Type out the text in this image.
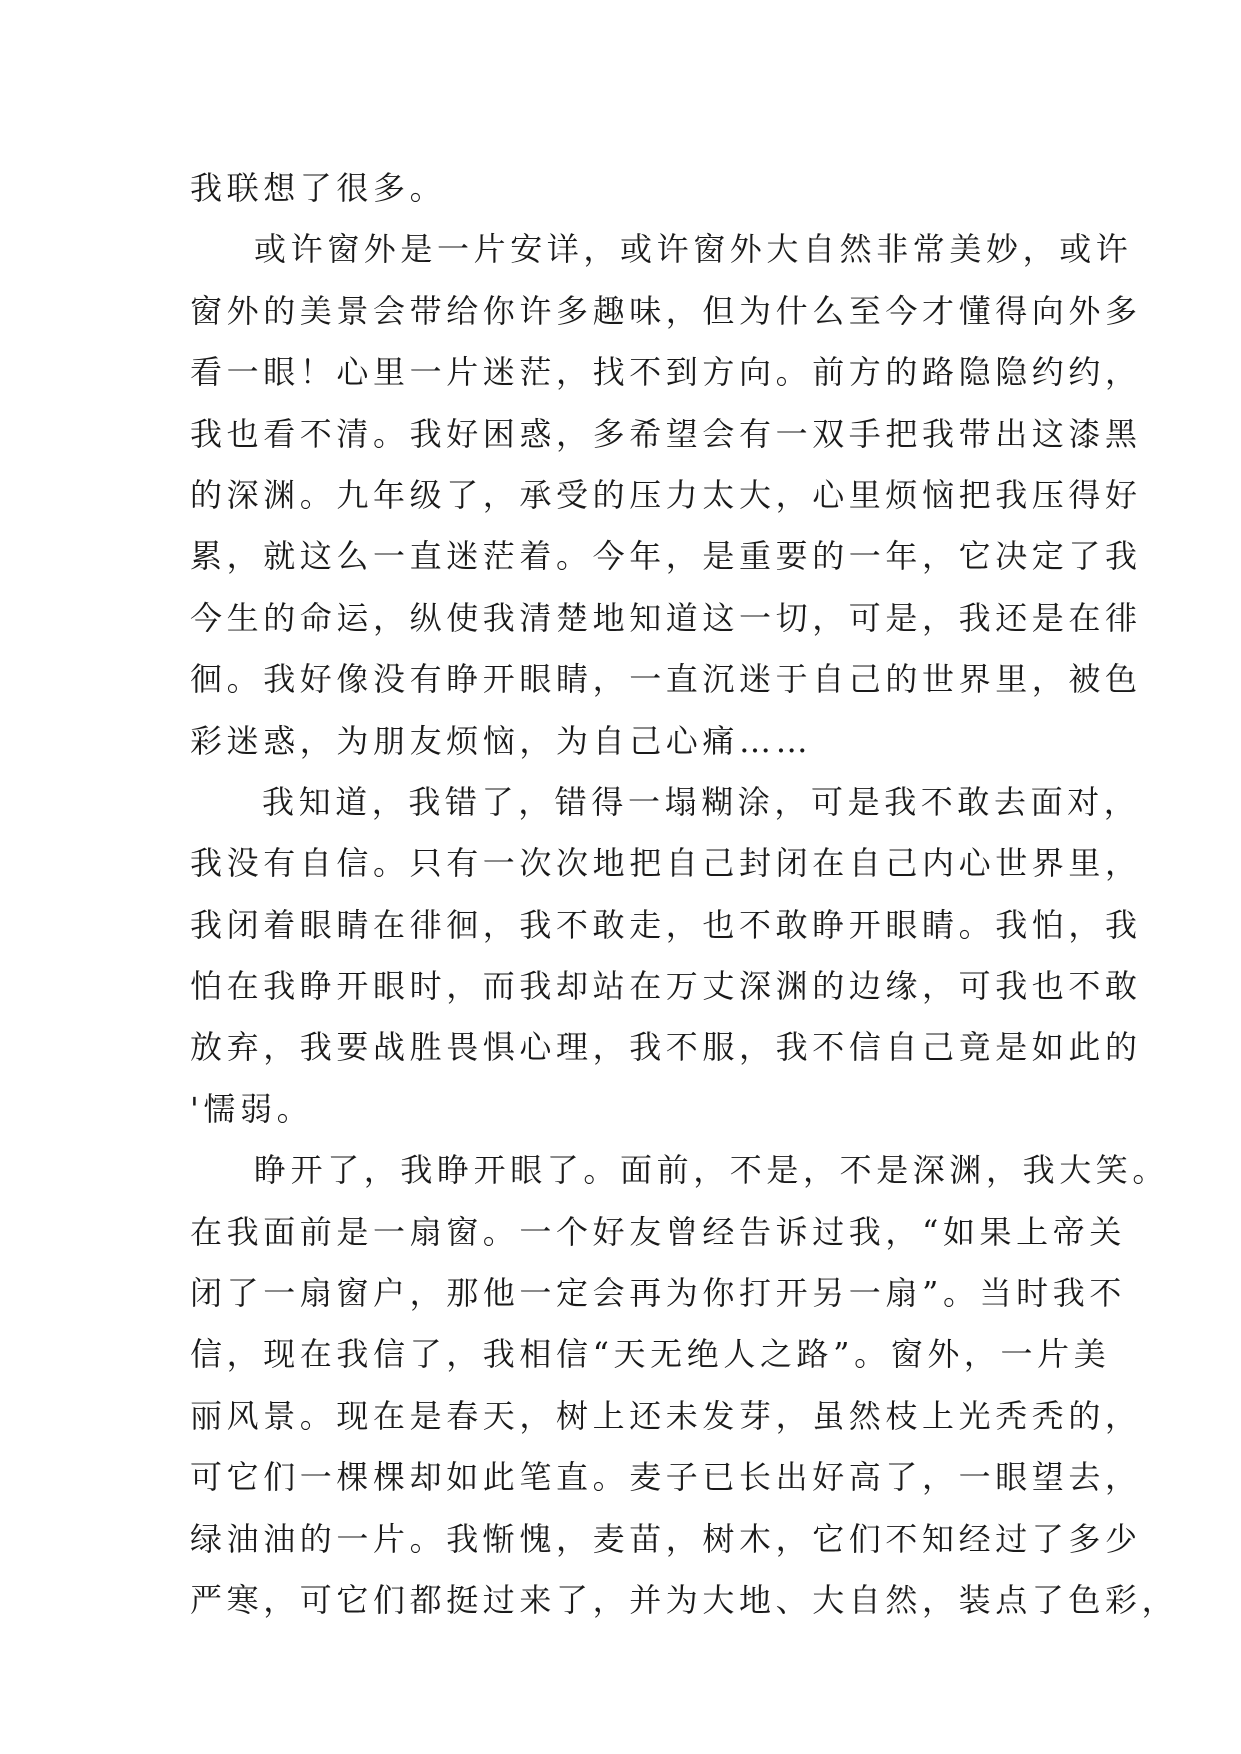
我联想了很多。
或许窗外是一片安详，或许窗外大自然非常美妙，或许
窗外的美景会带给你许多趣味，但为什么至今才懂得向外多
看一眼！心里一片迷茫，找不到方向。前方的路隐隐约约，
我也看不清。我好困惑，多希望会有一双手把我带出这漆黑
的深渊。九年级了，承受的压力太大，心里烦恼把我压得好
累，就这么一直迷茫着。今年，是重要的一年，它决定了我
今生的命运，纵使我清楚地知道这一切，可是，我还是在徘
徊。我好像没有睁开眼睛，一直沉迷于自己的世界里，被色
彩迷惑，为朋友烦恼，为自己心痛……
我知道，我错了，错得一塌糊涂，可是我不敢去面对，
我没有自信。只有一次次地把自己封闭在自己内心世界里，
我闭着眼睛在徘徊，我不敢走，也不敢睁开眼睛。我怕，我
怕在我睁开眼时，而我却站在万丈深渊的边缘，可我也不敢
放弃，我要战胜畏惧心理，我不服，我不信自己竟是如此的
'懦弱。
睁开了，我睁开眼了。面前，不是，不是深渊，我大笑。
在我面前是一扇窗。一个好友曾经告诉过我，“如果上帝关
闭了一扇窗户，那他一定会再为你打开另一扇”。当时我不
信，现在我信了，我相信“天无绝人之路”。窗外，一片美
丽风景。现在是春天，树上还未发芽，虽然枝上光秃秃的，
可它们一棵棵却如此笔直。麦子已长出好高了，一眼望去，
绿油油的一片。我惭愧，麦苗，树木，它们不知经过了多少
严寒，可它们都挺过来了，并为大地、大自然，装点了色彩，
